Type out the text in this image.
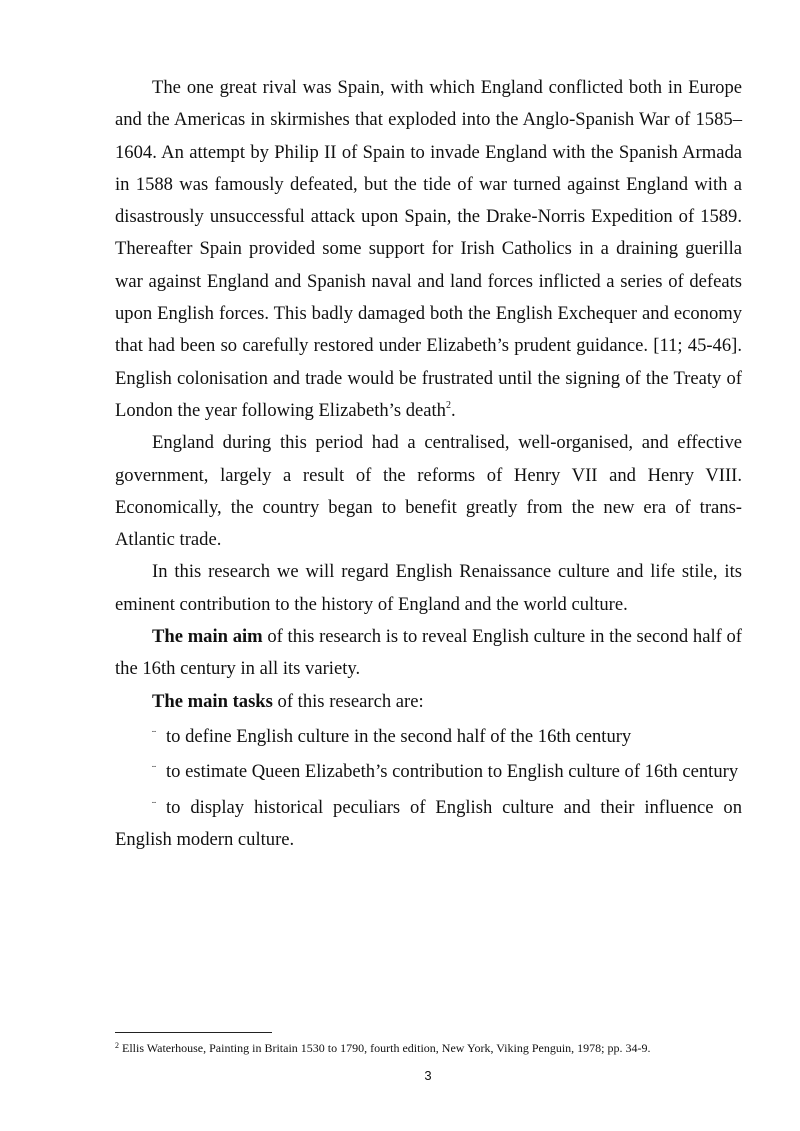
The one great rival was Spain, with which England conflicted both in Europe and the Americas in skirmishes that exploded into the Anglo-Spanish War of 1585–1604. An attempt by Philip II of Spain to invade England with the Spanish Armada in 1588 was famously defeated, but the tide of war turned against England with a disastrously unsuccessful attack upon Spain, the Drake-Norris Expedition of 1589. Thereafter Spain provided some support for Irish Catholics in a draining guerilla war against England and Spanish naval and land forces inflicted a series of defeats upon English forces. This badly damaged both the English Exchequer and economy that had been so carefully restored under Elizabeth’s prudent guidance. [11; 45-46]. English colonisation and trade would be frustrated until the signing of the Treaty of London the year following Elizabeth’s death$^2$.

England during this period had a centralised, well-organised, and effective government, largely a result of the reforms of Henry VII and Henry VIII. Economically, the country began to benefit greatly from the new era of trans-Atlantic trade.

In this research we will regard English Renaissance culture and life stile, its eminent contribution to the history of England and the world culture.

The main aim of this research is to reveal English culture in the second half of the 16th century in all its variety.

The main tasks of this research are:

¨ to define English culture in the second half of the 16th century

¨ to estimate Queen Elizabeth’s contribution to English culture of 16th century

¨ to display historical peculiars of English culture and their influence on English modern culture.

$^2$ Ellis Waterhouse, Painting in Britain 1530 to 1790, fourth edition, New York, Viking Penguin, 1978; pp. 34-9.
3
